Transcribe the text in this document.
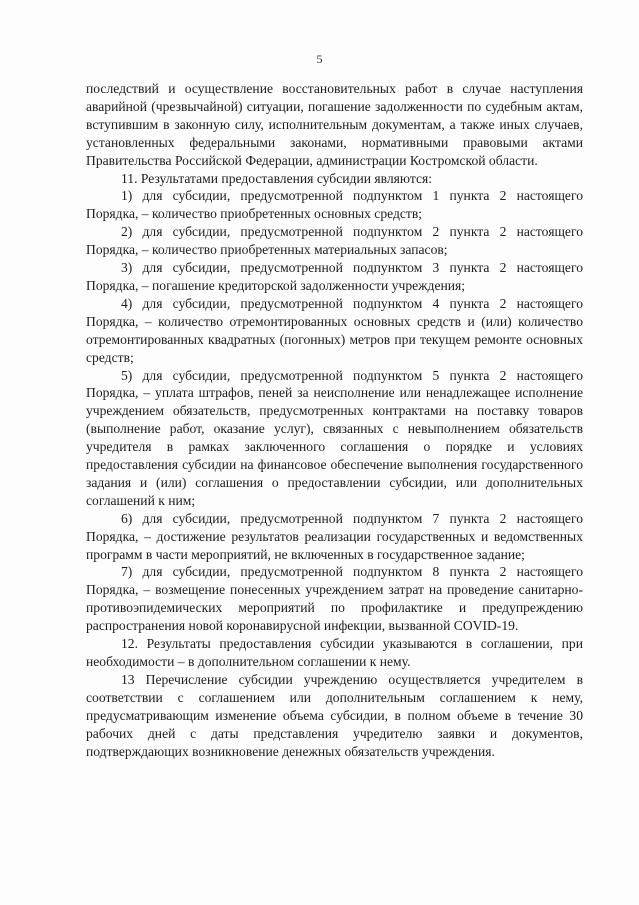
5

последствий и осуществление восстановительных работ в случае наступления аварийной (чрезвычайной) ситуации, погашение задолженности по судебным актам, вступившим в законную силу, исполнительным документам, а также иных случаев, установленных федеральными законами, нормативными правовыми актами Правительства Российской Федерации, администрации Костромской области.

11. Результатами предоставления субсидии являются:

1) для субсидии, предусмотренной подпунктом 1 пункта 2 настоящего Порядка, – количество приобретенных основных средств;

2) для субсидии, предусмотренной подпунктом 2 пункта 2 настоящего Порядка, – количество приобретенных материальных запасов;

3) для субсидии, предусмотренной подпунктом 3 пункта 2 настоящего Порядка, – погашение кредиторской задолженности учреждения;

4) для субсидии, предусмотренной подпунктом 4 пункта 2 настоящего Порядка, – количество отремонтированных основных средств и (или) количество отремонтированных квадратных (погонных) метров при текущем ремонте основных средств;

5) для субсидии, предусмотренной подпунктом 5 пункта 2 настоящего Порядка, – уплата штрафов, пеней за неисполнение или ненадлежащее исполнение учреждением обязательств, предусмотренных контрактами на поставку товаров (выполнение работ, оказание услуг), связанных с невыполнением обязательств учредителя в рамках заключенного соглашения о порядке и условиях предоставления субсидии на финансовое обеспечение выполнения государственного задания и (или) соглашения о предоставлении субсидии, или дополнительных соглашений к ним;

6) для субсидии, предусмотренной подпунктом 7 пункта 2 настоящего Порядка, – достижение результатов реализации государственных и ведомственных программ в части мероприятий, не включенных в государственное задание;

7) для субсидии, предусмотренной подпунктом 8 пункта 2 настоящего Порядка, – возмещение понесенных учреждением затрат на проведение санитарно-противоэпидемических мероприятий по профилактике и предупреждению распространения новой коронавирусной инфекции, вызванной COVID-19.

12. Результаты предоставления субсидии указываются в соглашении, при необходимости – в дополнительном соглашении к нему.

13 Перечисление субсидии учреждению осуществляется учредителем в соответствии с соглашением или дополнительным соглашением к нему, предусматривающим изменение объема субсидии, в полном объеме в течение 30 рабочих дней с даты представления учредителю заявки и документов, подтверждающих возникновение денежных обязательств учреждения.
